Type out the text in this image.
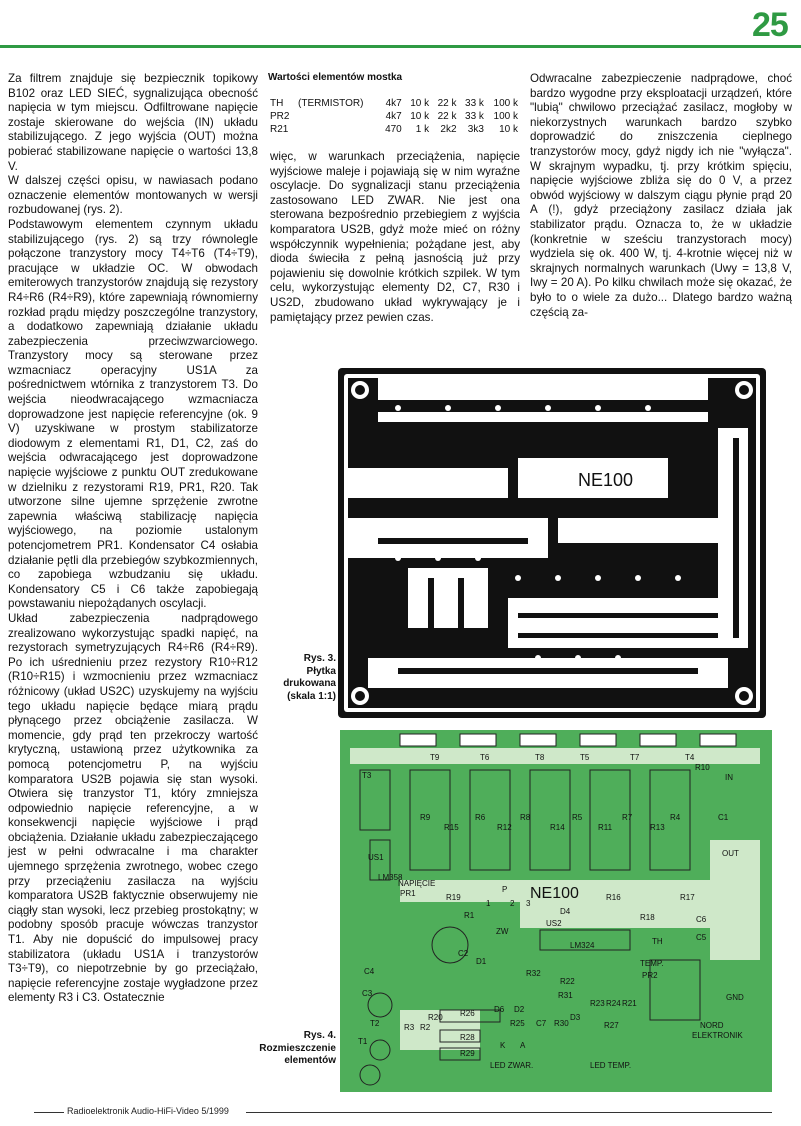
25

Za filtrem znajduje się bezpiecznik topikowy B102 oraz LED SIEĆ, sygnalizująca obecność napięcia w tym miejscu. Odfiltrowane napięcie zostaje skierowane do wejścia (IN) układu stabilizującego. Z jego wyjścia (OUT) można pobierać stabilizowane napięcie o wartości 13,8 V.

W dalszej części opisu, w nawiasach podano oznaczenie elementów montowanych w wersji rozbudowanej (rys. 2).

Podstawowym elementem czynnym układu stabilizującego (rys. 2) są trzy równolegle połączone tranzystory mocy T4÷T6 (T4÷T9), pracujące w układzie OC. W obwodach emiterowych tranzystorów znajdują się rezystory R4÷R6 (R4÷R9), które zapewniają równomierny rozkład prądu między poszczególne tranzystory, a dodatkowo zapewniają działanie układu zabezpieczenia przeciwzwarciowego. Tranzystory mocy są sterowane przez wzmacniacz operacyjny US1A za pośrednictwem wtórnika z tranzystorem T3. Do wejścia nieodwracającego wzmacniacza doprowadzone jest napięcie referencyjne (ok. 9 V) uzyskiwane w prostym stabilizatorze diodowym z elementami R1, D1, C2, zaś do wejścia odwracającego jest doprowadzone napięcie wyjściowe z punktu OUT zredukowane w dzielniku z rezystorami R19, PR1, R20. Tak utworzone silne ujemne sprzężenie zwrotne zapewnia właściwą stabilizację napięcia wyjściowego, na poziomie ustalonym potencjometrem PR1. Kondensator C4 osłabia działanie pętli dla przebiegów szybkozmiennych, co zapobiega wzbudzaniu się układu. Kondensatory C5 i C6 także zapobiegają powstawaniu niepożądanych oscylacji.

Układ zabezpieczenia nadprądowego zrealizowano wykorzystując spadki napięć, na rezystorach symetryzujących R4÷R6 (R4÷R9). Po ich uśrednieniu przez rezystory R10÷R12 (R10÷R15) i wzmocnieniu przez wzmacniacz różnicowy (układ US2C) uzyskujemy na wyjściu tego układu napięcie będące miarą prądu płynącego przez obciążenie zasilacza. W momencie, gdy prąd ten przekroczy wartość krytyczną, ustawioną przez użytkownika za pomocą potencjometru P, na wyjściu komparatora US2B pojawia się stan wysoki. Otwiera się tranzystor T1, który zmniejsza odpowiednio napięcie referencyjne, a w konsekwencji napięcie wyjściowe i prąd obciążenia. Działanie układu zabezpieczającego jest w pełni odwracalne i ma charakter ujemnego sprzężenia zwrotnego, wobec czego przy przeciążeniu zasilacza na wyjściu komparatora US2B faktycznie obserwujemy nie ciągły stan wysoki, lecz przebieg prostokątny; w podobny sposób pracuje wówczas tranzystor T1. Aby nie dopuścić do impulsowej pracy stabilizatora (układu US1A i tranzystorów T3÷T9), co niepotrzebnie by go przeciążało, napięcie referencyjne zostaje wygładzone przez elementy R3 i C3. Ostatecznie

Wartości elementów mostka
TH	(TERMISTOR)	4k7	10 k	22 k	33 k	100 k
PR2		4k7	10 k	22 k	33 k	100 k
R21		470	1 k	2k2	3k3	10 k

więc, w warunkach przeciążenia, napięcie wyjściowe maleje i pojawiają się w nim wyraźne oscylacje. Do sygnalizacji stanu przeciążenia zastosowano LED ZWAR. Nie jest ona sterowana bezpośrednio przebiegiem z wyjścia komparatora US2B, gdyż może mieć on różny współczynnik wypełnienia; pożądane jest, aby dioda świeciła z pełną jasnością już przy pojawieniu się dowolnie krótkich szpilek. W tym celu, wykorzystując elementy D2, C7, R30 i US2D, zbudowano układ wykrywający je i pamiętający przez pewien czas.

Odwracalne zabezpieczenie nadprądowe, choć bardzo wygodne przy eksploatacji urządzeń, które "lubią" chwilowo przeciążać zasilacz, mogłoby w niekorzystnych warunkach bardzo szybko doprowadzić do zniszczenia cieplnego tranzystorów mocy, gdyż nigdy ich nie "wyłącza". W skrajnym wypadku, tj. przy krótkim spięciu, napięcie wyjściowe zbliża się do 0 V, a przez obwód wyjściowy w dalszym ciągu płynie prąd 20 A (!), gdyż przeciążony zasilacz działa jak stabilizator prądu. Oznacza to, że w układzie (konkretnie w sześciu tranzystorach mocy) wydziela się ok. 400 W, tj. 4-krotnie więcej niż w skrajnych normalnych warunkach (Uwy = 13,8 V, Iwy = 20 A). Po kilku chwilach może się okazać, że było to o wiele za dużo... Dlatego bardzo ważną częścią za-

Rys. 3.
Płytka
drukowana
(skala 1:1)
NE100
Rys. 4.
Rozmieszczenie
elementów
T9	T6	T8	T5	T7	T4
T3
R10
IN
C1
OUT
R9
R15
R6
R12
R8
R14
R5
R11
R7
R13
R4
US1
LM358
NAPIĘCIE
PR1	R19
R1
P
1 2 3
ZW
D4
US2
R16	R17
R18	C6
C5
TH
LM324
C4
C2
D1
R32
R22
R31
R23 R24 R21
R27
TEMP.
PR2
GND
C3
R20
D6 D2
R25 C7 R30
D3
T2	R3 R2
R26
R28
R29
T1	K A
LED ZWAR.	LED TEMP.
NORD
ELEKTRONIK
NE100
Radioelektronik Audio-HiFi-Video 5/1999
